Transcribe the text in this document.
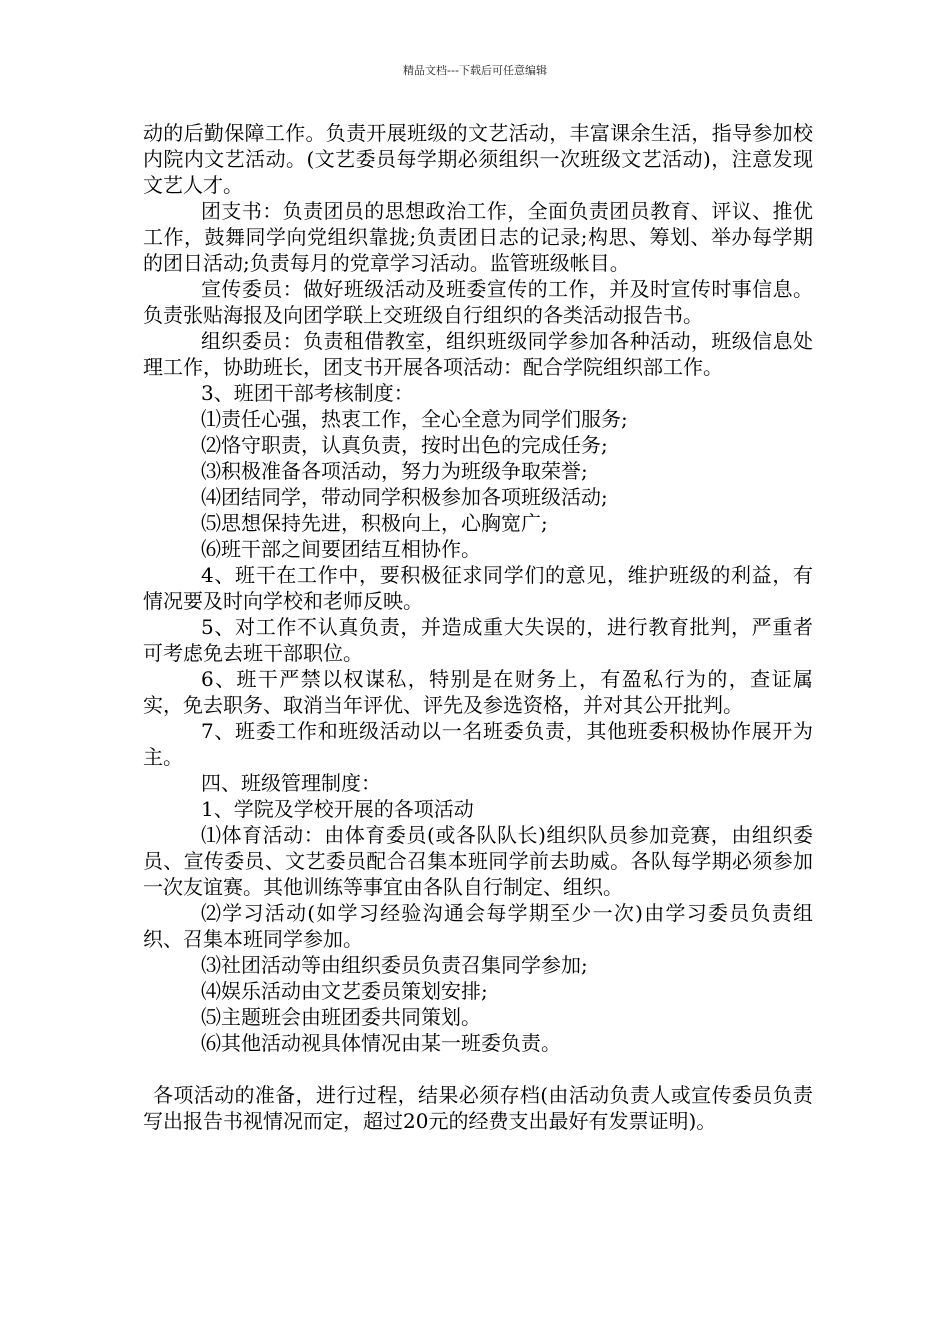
精品文档---下载后可任意编辑

动的后勤保障工作。负责开展班级的文艺活动，丰富课余生活，指导参加校内院内文艺活动。(文艺委员每学期必须组织一次班级文艺活动)，注意发现文艺人才。

团支书：负责团员的思想政治工作，全面负责团员教育、评议、推优工作，鼓舞同学向党组织靠拢;负责团日志的记录;构思、筹划、举办每学期的团日活动;负责每月的党章学习活动。监管班级帐目。

宣传委员：做好班级活动及班委宣传的工作，并及时宣传时事信息。负责张贴海报及向团学联上交班级自行组织的各类活动报告书。

组织委员：负责租借教室，组织班级同学参加各种活动，班级信息处理工作，协助班长，团支书开展各项活动：配合学院组织部工作。

3、班团干部考核制度：

⑴责任心强，热衷工作，全心全意为同学们服务;

⑵恪守职责，认真负责，按时出色的完成任务;

⑶积极准备各项活动，努力为班级争取荣誉;

⑷团结同学，带动同学积极参加各项班级活动;

⑸思想保持先进，积极向上，心胸宽广;

⑹班干部之间要团结互相协作。

4、班干在工作中，要积极征求同学们的意见，维护班级的利益，有情况要及时向学校和老师反映。

5、对工作不认真负责，并造成重大失误的，进行教育批判，严重者可考虑免去班干部职位。

6、班干严禁以权谋私，特别是在财务上，有盈私行为的，查证属实，免去职务、取消当年评优、评先及参选资格，并对其公开批判。

7、班委工作和班级活动以一名班委负责，其他班委积极协作展开为主。

四、班级管理制度：

1、学院及学校开展的各项活动

⑴体育活动：由体育委员(或各队队长)组织队员参加竞赛，由组织委员、宣传委员、文艺委员配合召集本班同学前去助威。各队每学期必须参加一次友谊赛。其他训练等事宜由各队自行制定、组织。

⑵学习活动(如学习经验沟通会每学期至少一次)由学习委员负责组织、召集本班同学参加。

⑶社团活动等由组织委员负责召集同学参加;

⑷娱乐活动由文艺委员策划安排;

⑸主题班会由班团委共同策划。

⑹其他活动视具体情况由某一班委负责。

各项活动的准备，进行过程，结果必须存档(由活动负责人或宣传委员负责写出报告书视情况而定，超过20元的经费支出最好有发票证明)。
